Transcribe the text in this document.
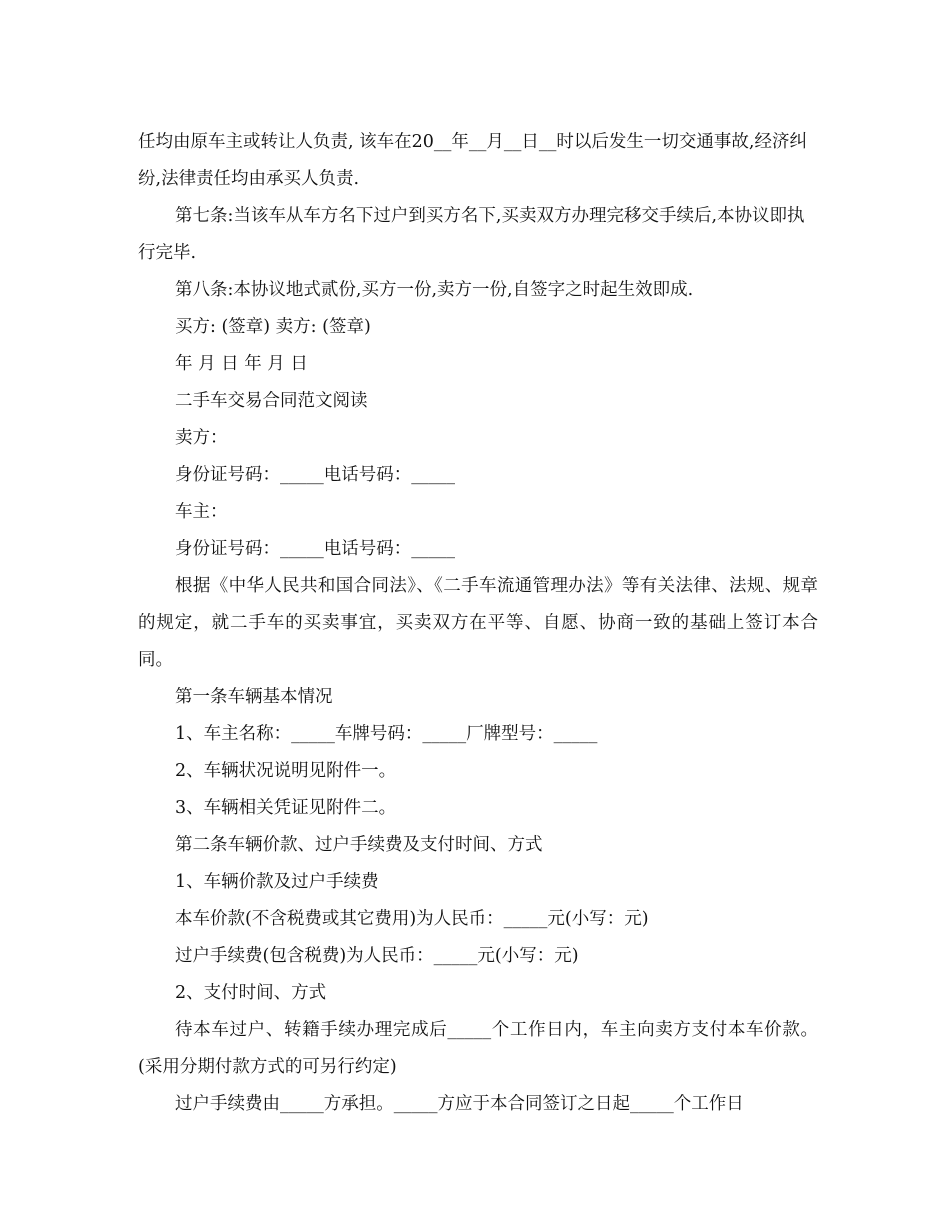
任均由原车主或转让人负责, 该车在20__年__月__日__时以后发生一切交通事故,经济纠纷,法律责任均由承买人负责.

第七条:当该车从车方名下过户到买方名下,买卖双方办理完移交手续后,本协议即执行完毕.

第八条:本协议地式贰份,买方一份,卖方一份,自签字之时起生效即成.

买方: (签章) 卖方: (签章)

年 月 日 年 月 日

二手车交易合同范文阅读

卖方：

身份证号码：_____电话号码：_____

车主：

身份证号码：_____电话号码：_____

根据《中华人民共和国合同法》、《二手车流通管理办法》等有关法律、法规、规章的规定，就二手车的买卖事宜，买卖双方在平等、自愿、协商一致的基础上签订本合同。

第一条车辆基本情况

1、车主名称：_____车牌号码：_____厂牌型号：_____

2、车辆状况说明见附件一。

3、车辆相关凭证见附件二。

第二条车辆价款、过户手续费及支付时间、方式

1、车辆价款及过户手续费

本车价款(不含税费或其它费用)为人民币：_____元(小写：元)

过户手续费(包含税费)为人民币：_____元(小写：元)

2、支付时间、方式

待本车过户、转籍手续办理完成后_____个工作日内，车主向卖方支付本车价款。(采用分期付款方式的可另行约定)

过户手续费由_____方承担。_____方应于本合同签订之日起_____个工作日
